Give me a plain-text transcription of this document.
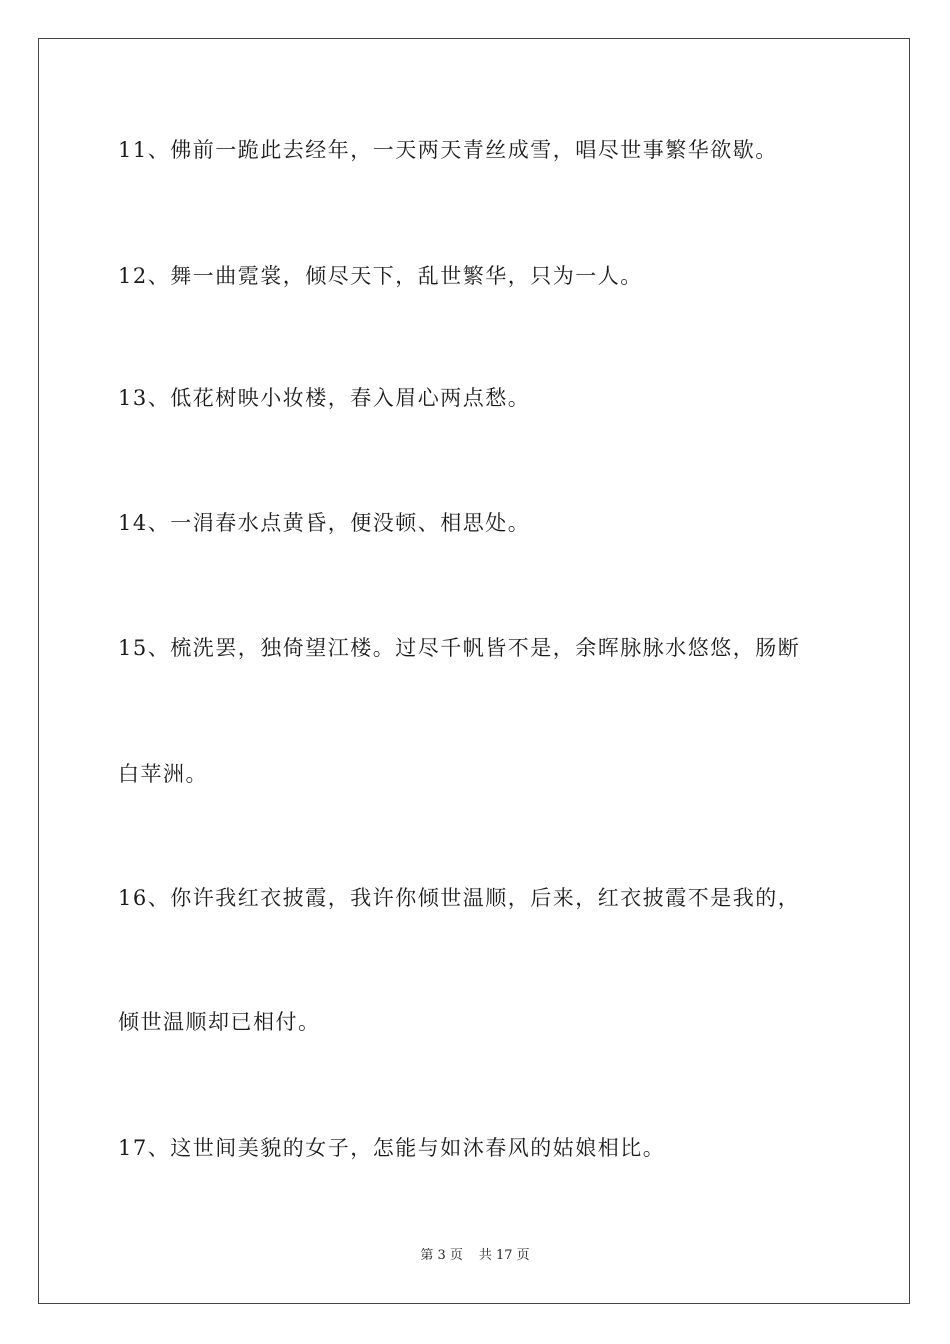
11、佛前一跪此去经年，一天两天青丝成雪，唱尽世事繁华欲歇。
12、舞一曲霓裳，倾尽天下，乱世繁华，只为一人。
13、低花树映小妆楼，春入眉心两点愁。
14、一涓春水点黄昏，便没顿、相思处。
15、梳洗罢，独倚望江楼。过尽千帆皆不是，余晖脉脉水悠悠，肠断
白苹洲。
16、你许我红衣披霞，我许你倾世温顺，后来，红衣披霞不是我的，
倾世温顺却已相付。
17、这世间美貌的女子，怎能与如沐春风的姑娘相比。
第 3 页 共 17 页
